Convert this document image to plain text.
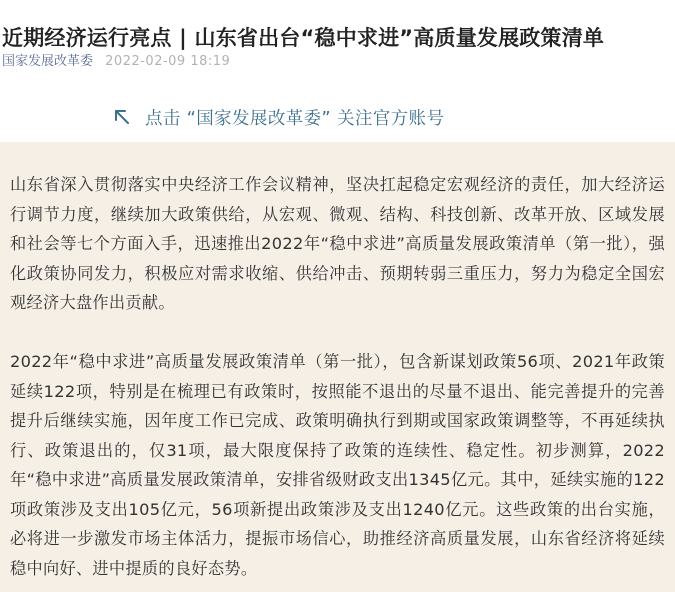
近期经济运行亮点 | 山东省出台“稳中求进”高质量发展政策清单
国家发展改革委 2022-02-09 18:19
点击 “国家发展改革委” 关注官方账号

山东省深入贯彻落实中央经济工作会议精神，坚决扛起稳定宏观经济的责任，加大经济运行调节力度，继续加大政策供给，从宏观、微观、结构、科技创新、改革开放、区域发展和社会等七个方面入手，迅速推出2022年“稳中求进”高质量发展政策清单（第一批），强化政策协同发力，积极应对需求收缩、供给冲击、预期转弱三重压力，努力为稳定全国宏观经济大盘作出贡献。

2022年“稳中求进”高质量发展政策清单（第一批），包含新谋划政策56项、2021年政策延续122项，特别是在梳理已有政策时，按照能不退出的尽量不退出、能完善提升的完善提升后继续实施，因年度工作已完成、政策明确执行到期或国家政策调整等，不再延续执行、政策退出的，仅31项，最大限度保持了政策的连续性、稳定性。初步测算，2022年“稳中求进”高质量发展政策清单，安排省级财政支出1345亿元。其中，延续实施的122项政策涉及支出105亿元，56项新提出政策涉及支出1240亿元。这些政策的出台实施，必将进一步激发市场主体活力，提振市场信心，助推经济高质量发展，山东省经济将延续稳中向好、进中提质的良好态势。
